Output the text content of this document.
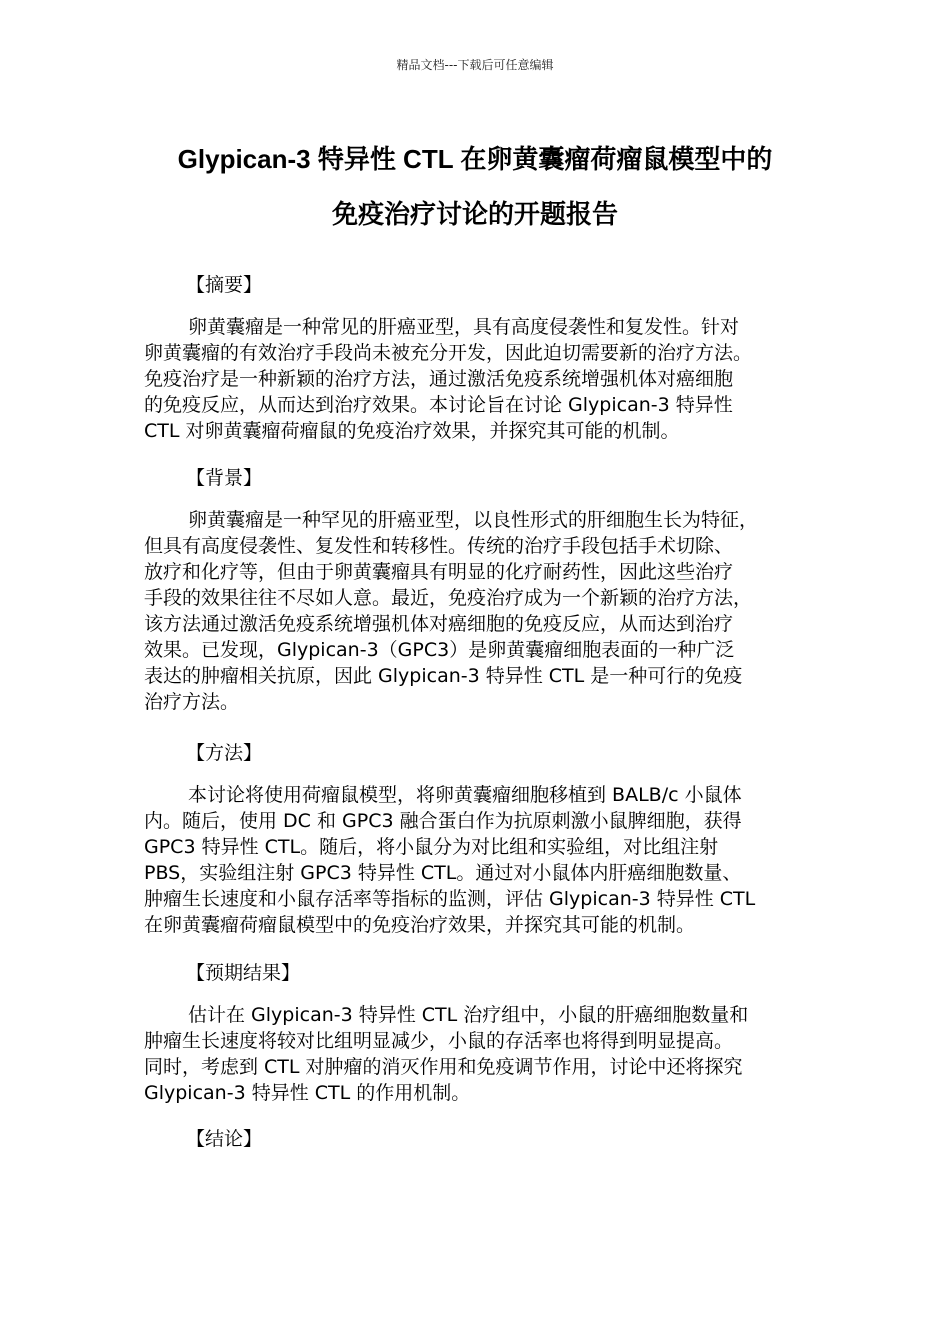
精品文档---下载后可任意编辑
Glypican-3 特异性 CTL 在卵黄囊瘤荷瘤鼠模型中的
免疫治疗讨论的开题报告

【摘要】

卵黄囊瘤是一种常见的肝癌亚型，具有高度侵袭性和复发性。针对
卵黄囊瘤的有效治疗手段尚未被充分开发，因此迫切需要新的治疗方法。
免疫治疗是一种新颖的治疗方法，通过激活免疫系统增强机体对癌细胞
的免疫反应，从而达到治疗效果。本讨论旨在讨论 Glypican-3 特异性
CTL 对卵黄囊瘤荷瘤鼠的免疫治疗效果，并探究其可能的机制。

【背景】

卵黄囊瘤是一种罕见的肝癌亚型，以良性形式的肝细胞生长为特征，
但具有高度侵袭性、复发性和转移性。传统的治疗手段包括手术切除、
放疗和化疗等，但由于卵黄囊瘤具有明显的化疗耐药性，因此这些治疗
手段的效果往往不尽如人意。最近，免疫治疗成为一个新颖的治疗方法，
该方法通过激活免疫系统增强机体对癌细胞的免疫反应，从而达到治疗
效果。已发现，Glypican-3（GPC3）是卵黄囊瘤细胞表面的一种广泛
表达的肿瘤相关抗原，因此 Glypican-3 特异性 CTL 是一种可行的免疫
治疗方法。

【方法】

本讨论将使用荷瘤鼠模型，将卵黄囊瘤细胞移植到 BALB/c 小鼠体
内。随后，使用 DC 和 GPC3 融合蛋白作为抗原刺激小鼠脾细胞，获得
GPC3 特异性 CTL。随后，将小鼠分为对比组和实验组，对比组注射
PBS，实验组注射 GPC3 特异性 CTL。通过对小鼠体内肝癌细胞数量、
肿瘤生长速度和小鼠存活率等指标的监测，评估 Glypican-3 特异性 CTL
在卵黄囊瘤荷瘤鼠模型中的免疫治疗效果，并探究其可能的机制。

【预期结果】

估计在 Glypican-3 特异性 CTL 治疗组中，小鼠的肝癌细胞数量和
肿瘤生长速度将较对比组明显减少，小鼠的存活率也将得到明显提高。
同时，考虑到 CTL 对肿瘤的消灭作用和免疫调节作用，讨论中还将探究
Glypican-3 特异性 CTL 的作用机制。

【结论】
